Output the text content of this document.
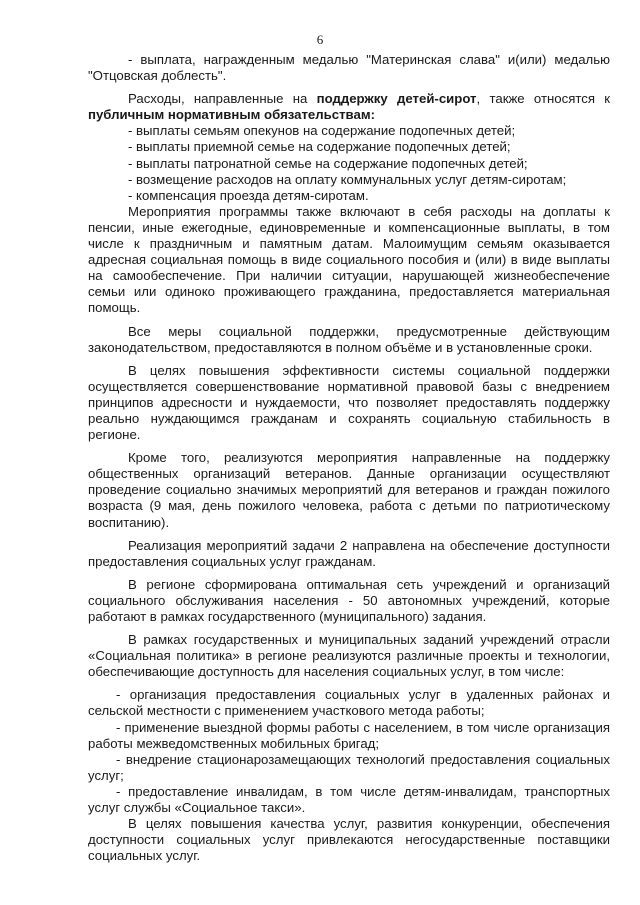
6

- выплата, награжденным медалью "Материнская слава" и(или) медалью "Отцовская доблесть".

Расходы, направленные на поддержку детей-сирот, также относятся к публичным нормативным обязательствам:

- выплаты семьям опекунов на содержание подопечных детей;

- выплаты приемной семье на содержание подопечных детей;

- выплаты патронатной семье на содержание подопечных детей;

- возмещение расходов на оплату коммунальных услуг детям-сиротам;

- компенсация проезда детям-сиротам.

Мероприятия программы также включают в себя расходы на доплаты к пенсии, иные ежегодные, единовременные и компенсационные выплаты, в том числе к праздничным и памятным датам. Малоимущим семьям оказывается адресная социальная помощь в виде социального пособия и (или) в виде выплаты на самообеспечение. При наличии ситуации, нарушающей жизнеобеспечение семьи или одиноко проживающего гражданина, предоставляется материальная помощь.

Все меры социальной поддержки, предусмотренные действующим законодательством, предоставляются в полном объёме и в установленные сроки.

В целях повышения эффективности системы социальной поддержки осуществляется совершенствование нормативной правовой базы с внедрением принципов адресности и нуждаемости, что позволяет предоставлять поддержку реально нуждающимся гражданам и сохранять социальную стабильность в регионе.

Кроме того, реализуются мероприятия направленные на поддержку общественных организаций ветеранов. Данные организации осуществляют проведение социально значимых мероприятий для ветеранов и граждан пожилого возраста (9 мая, день пожилого человека, работа с детьми по патриотическому воспитанию).

Реализация мероприятий задачи 2 направлена на обеспечение доступности предоставления социальных услуг гражданам.

В регионе сформирована оптимальная сеть учреждений и организаций социального обслуживания населения - 50 автономных учреждений, которые работают в рамках государственного (муниципального) задания.

В рамках государственных и муниципальных заданий учреждений отрасли «Социальная политика» в регионе реализуются различные проекты и технологии, обеспечивающие доступность для населения социальных услуг, в том числе:

- организация предоставления социальных услуг в удаленных районах и сельской местности с применением участкового метода работы;

- применение выездной формы работы с населением, в том числе организация работы межведомственных мобильных бригад;

- внедрение стационарозамещающих технологий предоставления социальных услуг;

- предоставление инвалидам, в том числе детям-инвалидам, транспортных услуг службы «Социальное такси».

В целях повышения качества услуг, развития конкуренции, обеспечения доступности социальных услуг привлекаются негосударственные поставщики социальных услуг.
